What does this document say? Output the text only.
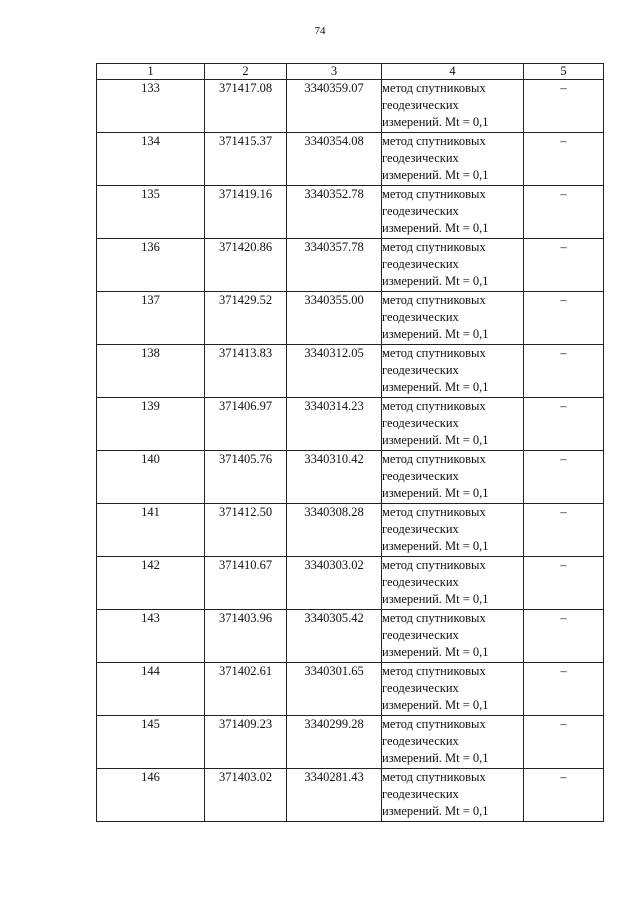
74
1	2	3	4	5
133	371417.08	3340359.07	метод спутниковых
геодезических
измерений. Mt = 0,1	–
134	371415.37	3340354.08	метод спутниковых
геодезических
измерений. Mt = 0,1	–
135	371419.16	3340352.78	метод спутниковых
геодезических
измерений. Mt = 0,1	–
136	371420.86	3340357.78	метод спутниковых
геодезических
измерений. Mt = 0,1	–
137	371429.52	3340355.00	метод спутниковых
геодезических
измерений. Mt = 0,1	–
138	371413.83	3340312.05	метод спутниковых
геодезических
измерений. Mt = 0,1	–
139	371406.97	3340314.23	метод спутниковых
геодезических
измерений. Mt = 0,1	–
140	371405.76	3340310.42	метод спутниковых
геодезических
измерений. Mt = 0,1	–
141	371412.50	3340308.28	метод спутниковых
геодезических
измерений. Mt = 0,1	–
142	371410.67	3340303.02	метод спутниковых
геодезических
измерений. Mt = 0,1	–
143	371403.96	3340305.42	метод спутниковых
геодезических
измерений. Mt = 0,1	–
144	371402.61	3340301.65	метод спутниковых
геодезических
измерений. Mt = 0,1	–
145	371409.23	3340299.28	метод спутниковых
геодезических
измерений. Mt = 0,1	–
146	371403.02	3340281.43	метод спутниковых
геодезических
измерений. Mt = 0,1	–
